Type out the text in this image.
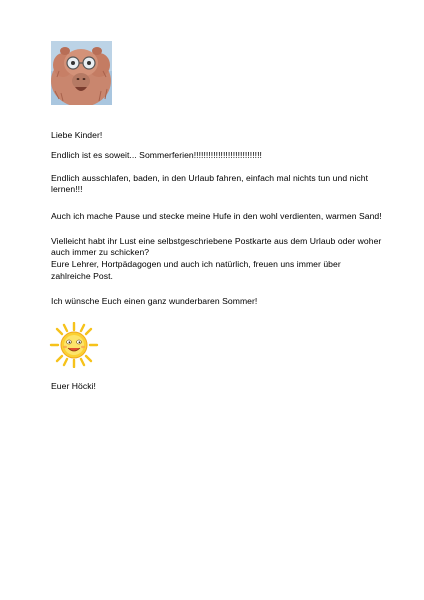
Liebe Kinder!
Endlich ist es soweit... Sommerferien!!!!!!!!!!!!!!!!!!!!!!!!!!!!
Endlich ausschlafen, baden, in den Urlaub fahren, einfach mal nichts tun und nicht
lernen!!!
Auch ich mache Pause und stecke meine Hufe in den wohl verdienten, warmen Sand!
Vielleicht habt ihr Lust eine selbstgeschriebene Postkarte aus dem Urlaub oder woher
auch immer zu schicken?
Eure Lehrer, Hortpädagogen und auch ich natürlich, freuen uns immer über
zahlreiche Post.
Ich wünsche Euch einen ganz wunderbaren Sommer!
Euer Höcki!
